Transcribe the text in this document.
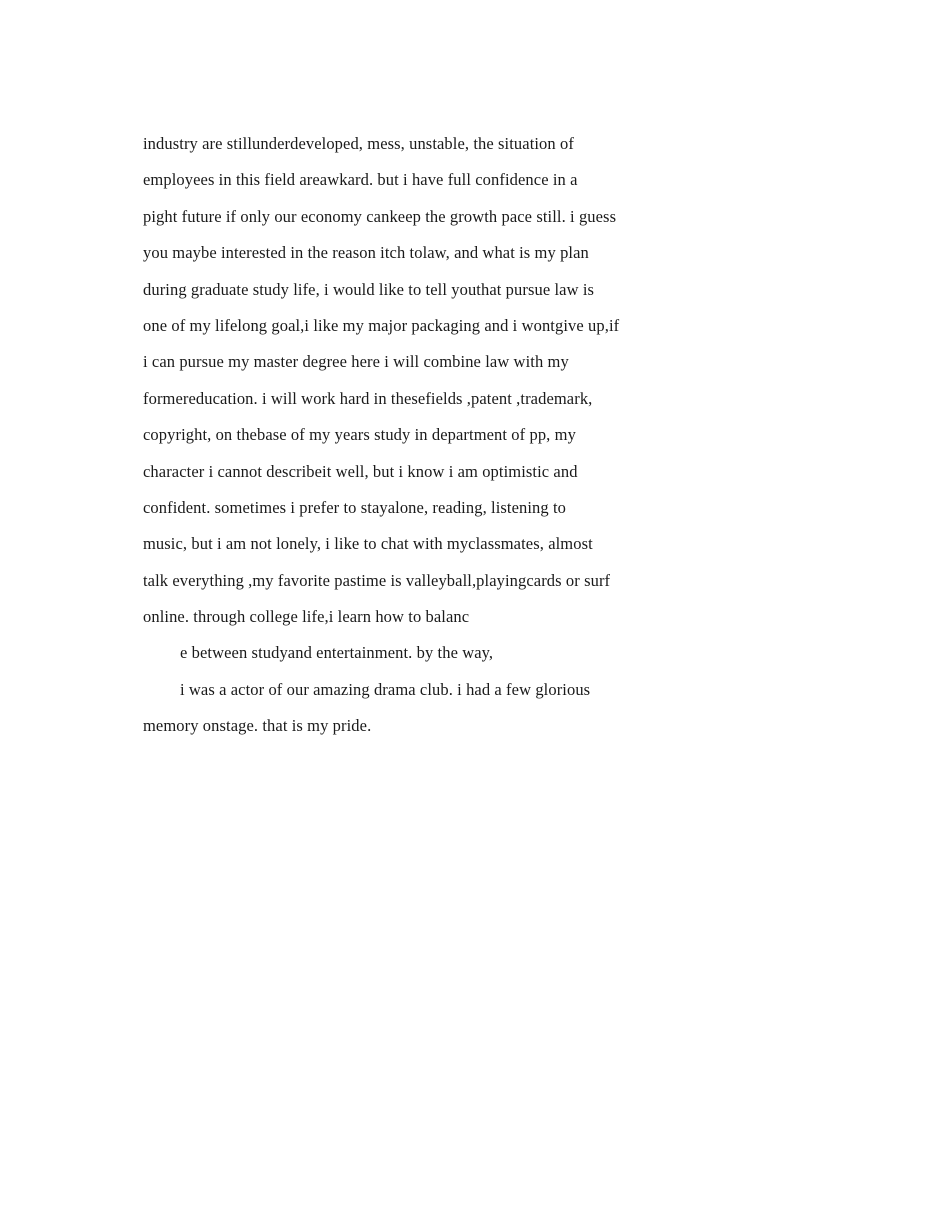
industry are stillunderdeveloped, mess, unstable, the situation of
employees in this field areawkard. but i have full confidence in a
pight future if only our economy cankeep the growth pace still. i guess
you maybe interested in the reason itch tolaw, and what is my plan
during graduate study life, i would like to tell youthat pursue law is
one of my lifelong goal,i like my major packaging and i wontgive up,if
i can pursue my master degree here i will combine law with my
formereducation. i will work hard in thesefields ,patent ,trademark,
copyright, on thebase of my years study in department of pp, my
character i cannot describeit well, but i know i am optimistic and
confident. sometimes i prefer to stayalone, reading, listening to
music, but i am not lonely, i like to chat with myclassmates, almost
talk everything ,my favorite pastime is valleyball,playingcards or surf
online. through college life,i learn how to balanc
e between studyand entertainment. by the way,
i was a actor of our amazing drama club. i had a few glorious
memory onstage. that is my pride.
